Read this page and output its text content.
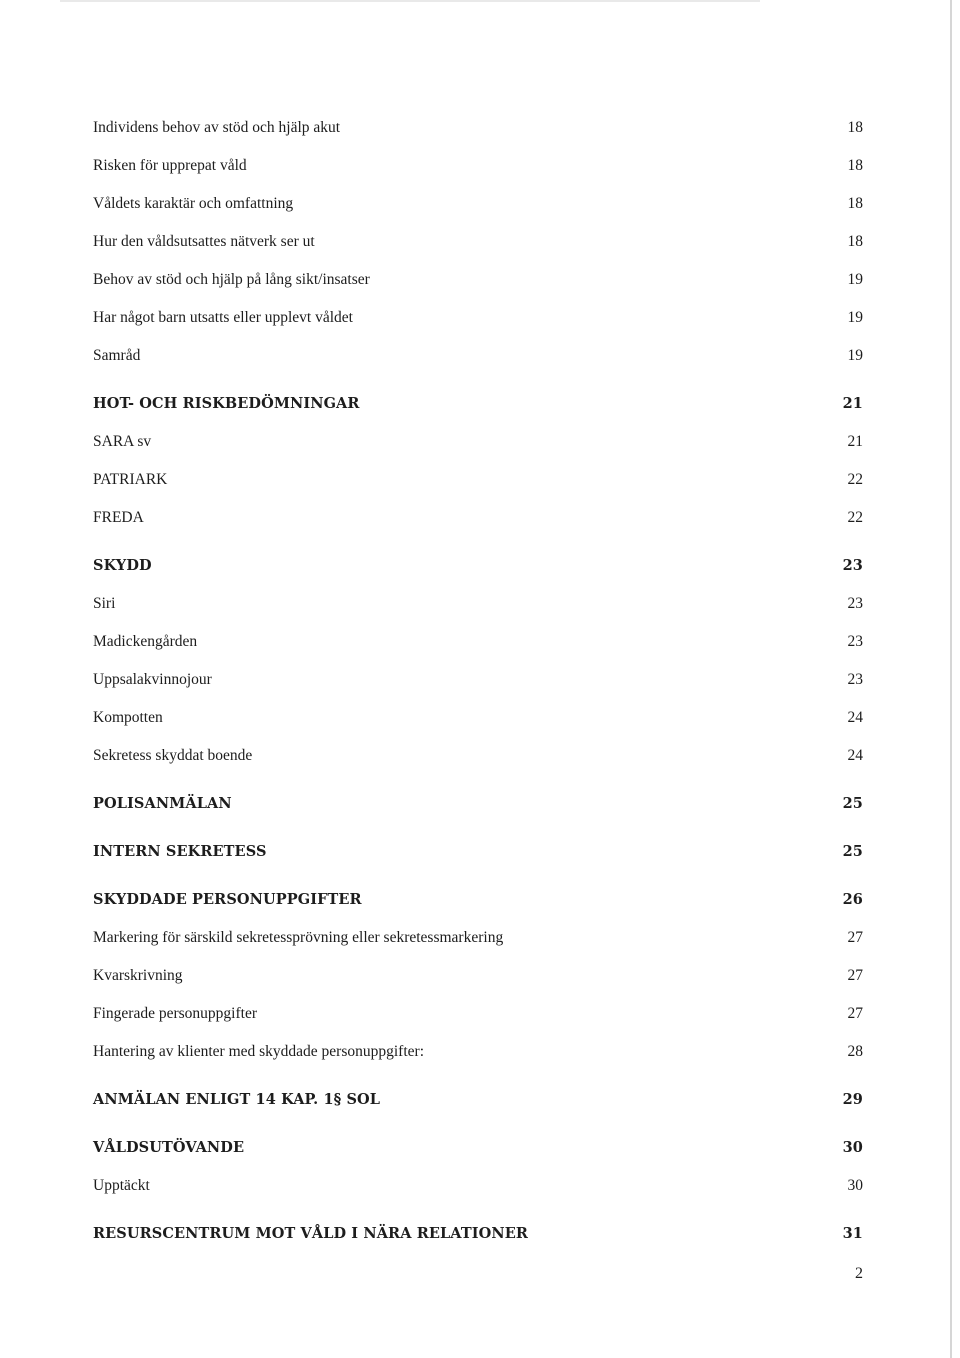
Individens behov av stöd och hjälp akut	18
Risken för upprepat våld	18
Våldets karaktär och omfattning	18
Hur den våldsutsattes nätverk ser ut	18
Behov av stöd och hjälp på lång sikt/insatser	19
Har något barn utsatts eller upplevt våldet	19
Samråd	19
HOT- OCH RISKBEDÖMNINGAR	21
SARA sv	21
PATRIARK	22
FREDA	22
SKYDD	23
Siri	23
Madickengården	23
Uppsalakvinnojour	23
Kompotten	24
Sekretess skyddat boende	24
POLISANMÄLAN	25
INTERN SEKRETESS	25
SKYDDADE PERSONUPPGIFTER	26
Markering för särskild sekretessprövning eller sekretessmarkering	27
Kvarskrivning	27
Fingerade personuppgifter	27
Hantering av klienter med skyddade personuppgifter:	28
ANMÄLAN ENLIGT 14 KAP. 1§ SOL	29
VÅLDSUTÖVANDE	30
Upptäckt	30
RESURSCENTRUM MOT VÅLD I NÄRA RELATIONER	31
2
